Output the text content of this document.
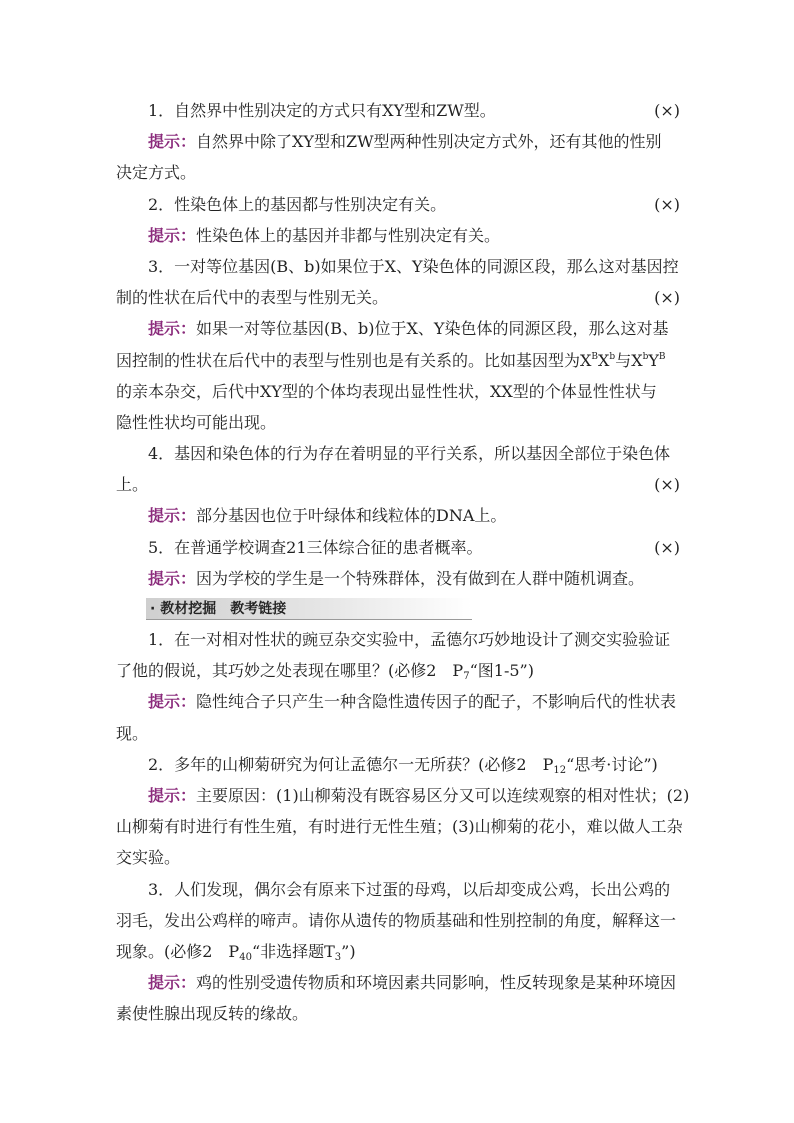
1．自然界中性别决定的方式只有XY型和ZW型。	(×)
提示：自然界中除了XY型和ZW型两种性别决定方式外，还有其他的性别
决定方式。
2．性染色体上的基因都与性别决定有关。	(×)
提示：性染色体上的基因并非都与性别决定有关。
3．一对等位基因(B、b)如果位于X、Y染色体的同源区段，那么这对基因控
制的性状在后代中的表型与性别无关。	(×)
提示：如果一对等位基因(B、b)位于X、Y染色体的同源区段，那么这对基
因控制的性状在后代中的表型与性别也是有关系的。比如基因型为$X^BX^b$与$X^bY^B$
的亲本杂交，后代中XY型的个体均表现出显性性状，XX型的个体显性性状与
隐性性状均可能出现。
4．基因和染色体的行为存在着明显的平行关系，所以基因全部位于染色体
上。	(×)
提示：部分基因也位于叶绿体和线粒体的DNA上。
5．在普通学校调查21三体综合征的患者概率。	(×)
提示：因为学校的学生是一个特殊群体，没有做到在人群中随机调查。
· 教材挖掘　教考链接
1．在一对相对性状的豌豆杂交实验中，孟德尔巧妙地设计了测交实验验证
了他的假说，其巧妙之处表现在哪里？(必修2　$P_7“$图1-5”)
提示：隐性纯合子只产生一种含隐性遗传因子的配子，不影响后代的性状表
现。
2．多年的山柳菊研究为何让孟德尔一无所获？(必修2　$P_{12}“$思考·讨论”)
提示：主要原因：(1)山柳菊没有既容易区分又可以连续观察的相对性状；(2)
山柳菊有时进行有性生殖，有时进行无性生殖；(3)山柳菊的花小，难以做人工杂
交实验。
3．人们发现，偶尔会有原来下过蛋的母鸡，以后却变成公鸡，长出公鸡的
羽毛，发出公鸡样的啼声。请你从遗传的物质基础和性别控制的角度，解释这一
现象。(必修2　$P_{40}“$非选择题$T_3$”)
提示：鸡的性别受遗传物质和环境因素共同影响，性反转现象是某种环境因
素使性腺出现反转的缘故。
